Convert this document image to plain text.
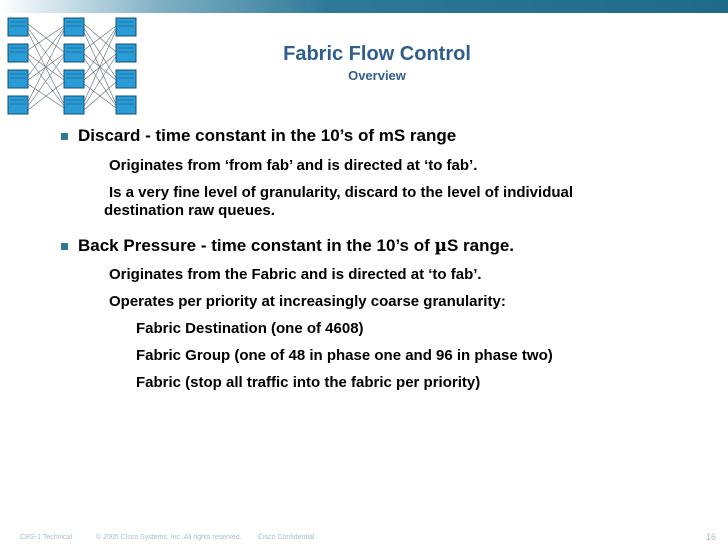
Fabric Flow Control
Overview
Discard - time constant in the 10’s of mS range
Originates from ‘from fab’ and is directed at ‘to fab’.
Is a very fine level of granularity, discard to the level of individual
destination raw queues.
Back Pressure - time constant in the 10’s of µS range.
Originates from the Fabric and is directed at ‘to fab’.
Operates per priority at increasingly coarse granularity:
Fabric Destination (one of 4608)
Fabric Group (one of 48 in phase one and 96 in phase two)
Fabric (stop all traffic into the fabric per priority)
CRS-1 Technical	© 2005 Cisco Systems, Inc. All rights reserved. Cisco Confidential	16
